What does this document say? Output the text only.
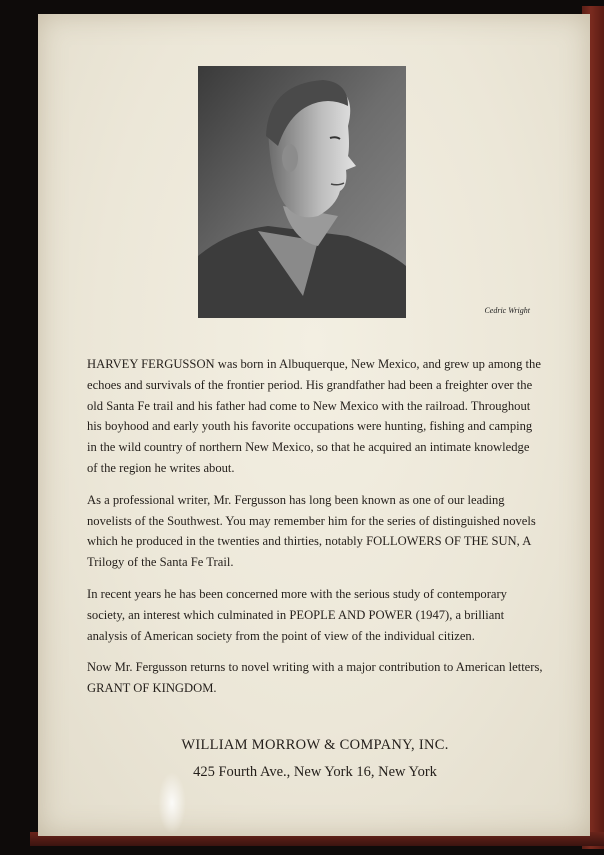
Cedric Wright

HARVEY FERGUSSON was born in Albuquerque, New Mexico, and grew up among the echoes and survivals of the frontier period. His grandfather had been a freighter over the old Santa Fe trail and his father had come to New Mexico with the railroad. Throughout his boyhood and early youth his favorite occupations were hunting, fishing and camping in the wild country of northern New Mexico, so that he acquired an intimate knowledge of the region he writes about.

As a professional writer, Mr. Fergusson has long been known as one of our leading novelists of the Southwest. You may remember him for the series of distinguished novels which he produced in the twenties and thirties, notably FOLLOWERS OF THE SUN, A Trilogy of the Santa Fe Trail.

In recent years he has been concerned more with the serious study of contemporary society, an interest which culminated in PEOPLE AND POWER (1947), a brilliant analysis of American society from the point of view of the individual citizen.

Now Mr. Fergusson returns to novel writing with a major contribution to American letters, GRANT OF KINGDOM.

WILLIAM MORROW & COMPANY, INC.
425 Fourth Ave., New York 16, New York
